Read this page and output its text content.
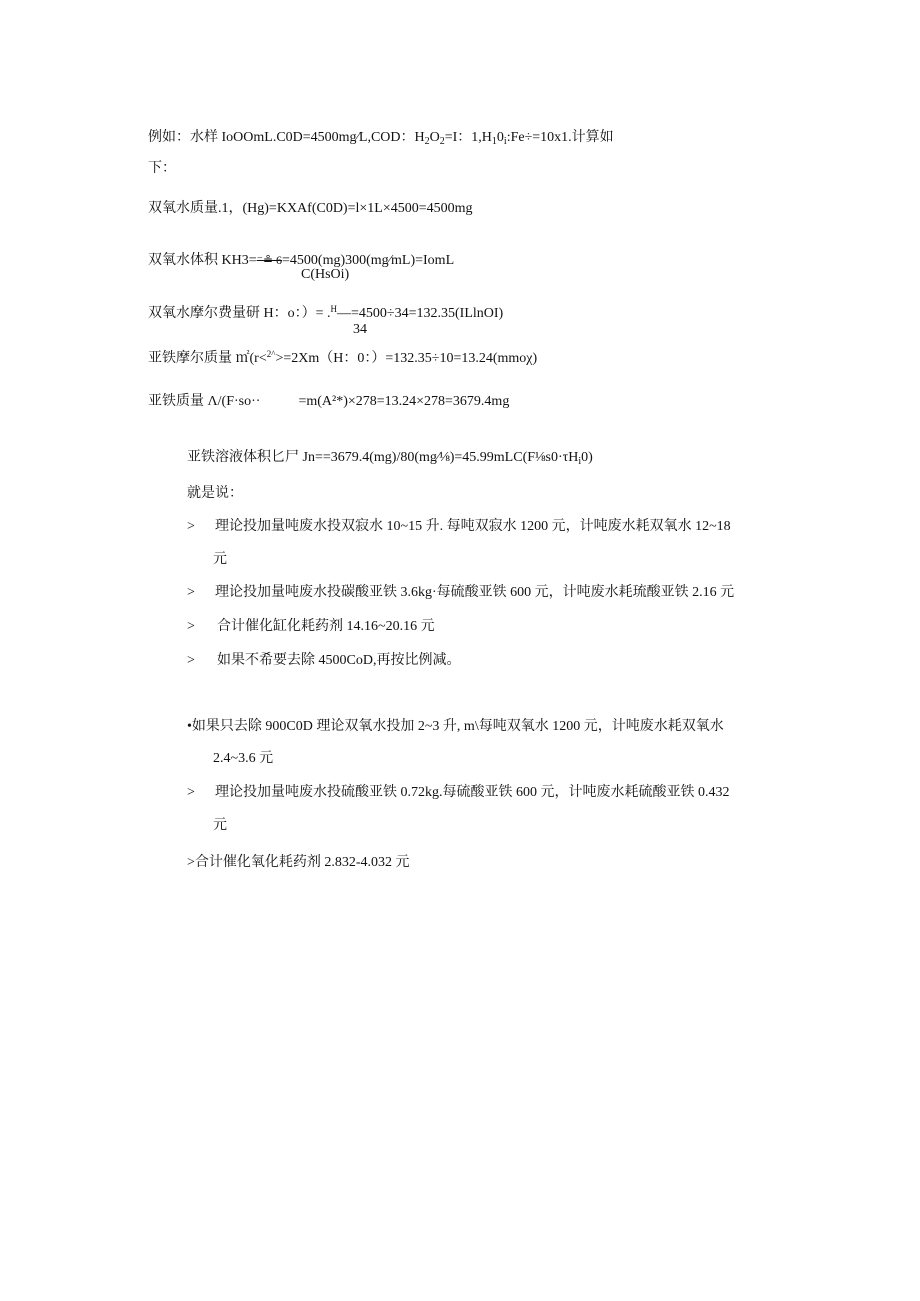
例如：水样 IoOOmL.C0D=4500mg∕L,COD：$H_2O_2=I$：$1,H_10_i:Fe\div=10x1$.计算如
下：
双氧水质量.1，(Hg)=KXAf(C0D)=l×1L×4500=4500mg
双氧水体积 KH3=⁻≗ 6=4500(mg)300(mg∕mL)=IomL
C(HsOi)
双氧水摩尔费量研 H：o：）= .$^H$—=4500÷34=132.35(ILlnOI)
34
亚铁摩尔质量 ㎡(r<$^{2\^{}}$>=2Xm（H：0：）=132.35÷10=13.24(mmoχ)
亚铁质量 Λ/(F·so··	=m(A²*)×278=13.24×278=3679.4mg
亚铁溶液体积匕尸 $Jn==3679.4(mg)/80(mg∕\frac{1}{8})=45.99mLC(F\frac{1}{8}s0\cdot\tau H_i0)$
就是说：
> 理论投加量吨废水投双寂水 10~15 升. 每吨双寂水 1200 元，计吨废水耗双氧水 12~18
元
> 理论投加量吨废水投碳酸亚铁 3.6kg·每硫酸亚铁 600 元，计吨废水耗琉酸亚铁 2.16 元
> 合计催化缸化耗药剂 14.16~20.16 元
> 如果不希要去除 4500CoD,再按比例减。
•如果只去除 900C0D 理论双氧水投加 2~3 升, m\每吨双氧水 1200 元，计吨废水耗双氧水
2.4~3.6 元
> 理论投加量吨废水投硫酸亚铁 0.72kg.每硫酸亚铁 600 元，计吨废水耗硫酸亚铁 0.432
元
>合计催化氧化耗药剂 2.832-4.032 元
